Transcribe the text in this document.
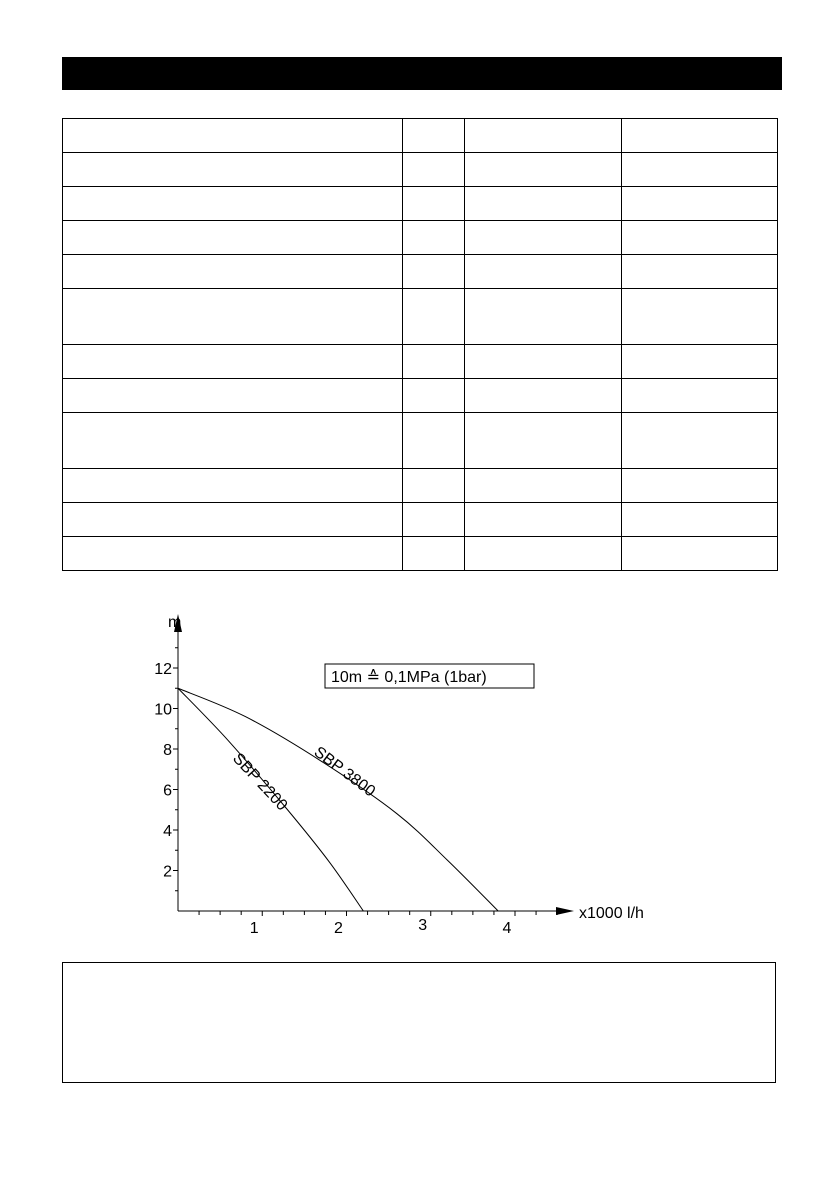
2
4
6
8
10
12
1	2	3	4
SBP 2200 SBP 3800
m
x1000 l/h
10m ≙ 0,1MPa (1bar)
